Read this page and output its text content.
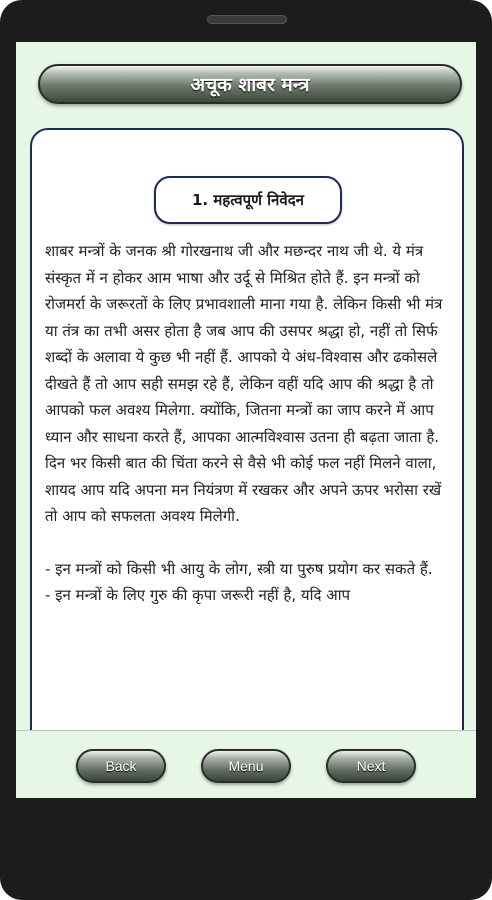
अचूक शाबर मन्त्र
1. महत्वपूर्ण निवेदन

शाबर मन्त्रों के जनक श्री गोरखनाथ जी और मछन्दर नाथ जी थे. ये मंत्र संस्कृत में न होकर आम भाषा और उर्दू से मिश्रित होते हैं. इन मन्त्रों को रोजमर्रा के जरूरतों के लिए प्रभावशाली माना गया है. लेकिन किसी भी मंत्र या तंत्र का तभी असर होता है जब आप की उसपर श्रद्धा हो, नहीं तो सिर्फ शब्दों के अलावा ये कुछ भी नहीं हैं. आपको ये अंध-विश्वास और ढकोसले दीखते हैं तो आप सही समझ रहे हैं, लेकिन वहीं यदि आप की श्रद्धा है तो आपको फल अवश्य मिलेगा. क्योंकि, जितना मन्त्रों का जाप करने में आप ध्यान और साधना करते हैं, आपका आत्मविश्वास उतना ही बढ़ता जाता है. दिन भर किसी बात की चिंता करने से वैसे भी कोई फल नहीं मिलने वाला, शायद आप यदि अपना मन नियंत्रण में रखकर और अपने ऊपर भरोसा रखें तो आप को सफलता अवश्य मिलेगी.

- इन मन्त्रों को किसी भी आयु के लोग, स्त्री या पुरुष प्रयोग कर सकते हैं.

- इन मन्त्रों के लिए गुरु की कृपा जरूरी नहीं है, यदि आप

Back	Menu	Next
